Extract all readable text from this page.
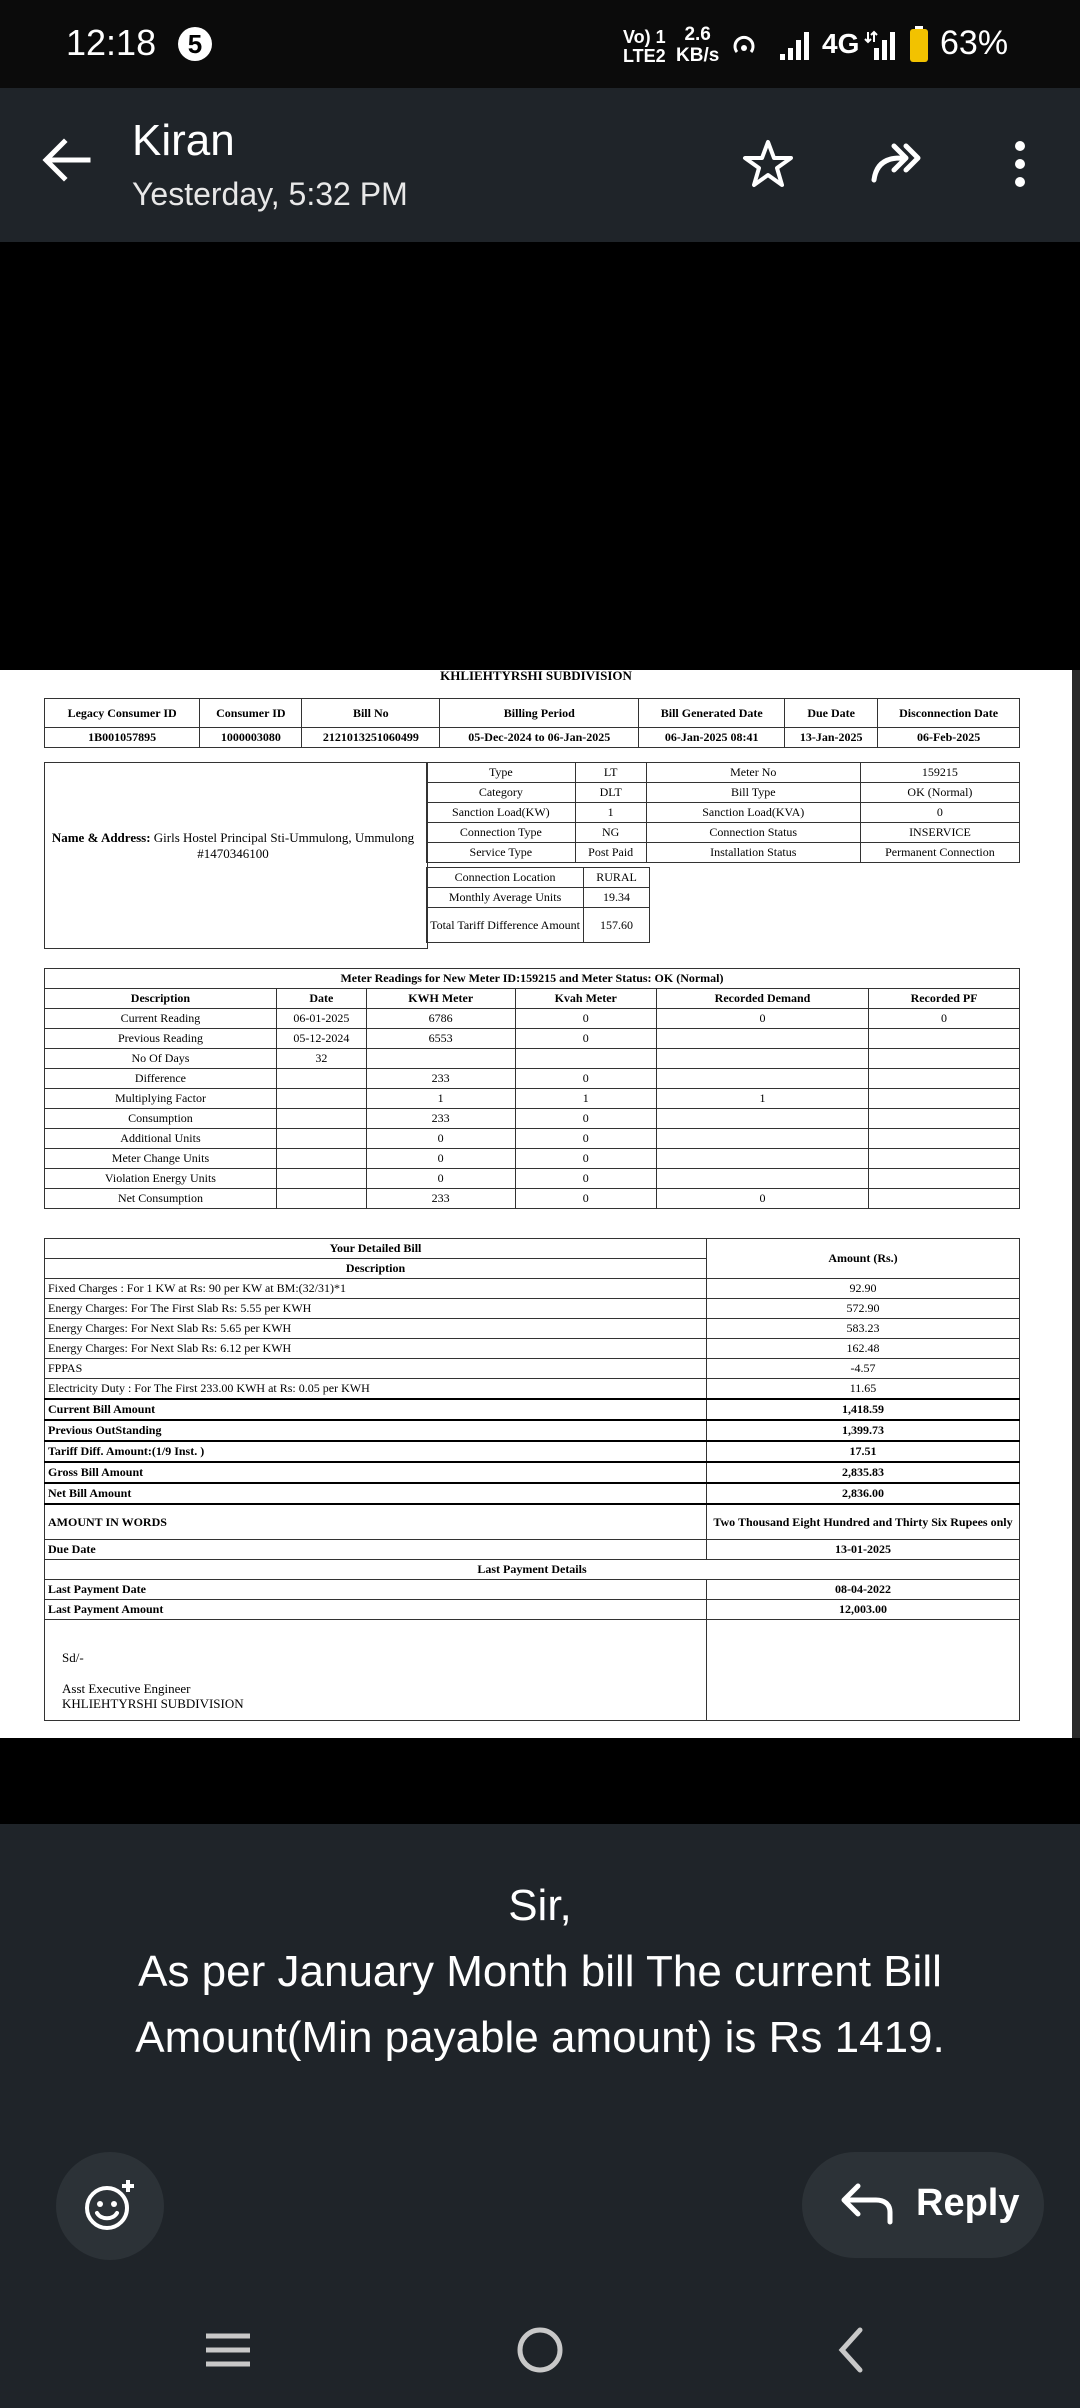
12:18	5	Vo) 1
LTE2
2.6
KB/s	4G 63%
Kiran
Yesterday, 5:32 PM
KHLIEHTYRSHI SUBDIVISION
Legacy Consumer ID	Consumer ID	Bill No	Billing Period	Bill Generated Date	Due Date	Disconnection Date
1B001057895	1000003080	2121013251060499	05-Dec-2024 to 06-Jan-2025	06-Jan-2025 08:41	13-Jan-2025	06-Feb-2025
Name & Address: Girls Hostel Principal Sti-Ummulong, Ummulong #1470346100
Type	LT	Meter No	159215
Category	DLT	Bill Type	OK (Normal)
Sanction Load(KW)	1	Sanction Load(KVA)	0
Connection Type	NG	Connection Status	INSERVICE
Service Type	Post Paid	Installation Status	Permanent Connection
Connection Location	RURAL
Monthly Average Units	19.34
Total Tariff Difference Amount	157.60
Meter Readings for New Meter ID:159215 and Meter Status: OK (Normal)					
Description	Date	KWH Meter	Kvah Meter	Recorded Demand	Recorded PF
Current Reading	06-01-2025	6786	0	0	0
Previous Reading	05-12-2024	6553	0		
No Of Days	32				
Difference		233	0		
Multiplying Factor		1	1	1	
Consumption		233	0		
Additional Units		0	0		
Meter Change Units		0	0		
Violation Energy Units		0	0		
Net Consumption		233	0	0	
Your Detailed Bill	Amount (Rs.)
Description	
Fixed Charges : For 1 KW at Rs: 90 per KW at BM:(32/31)*1	92.90
Energy Charges: For The First Slab Rs: 5.55 per KWH	572.90
Energy Charges: For Next Slab Rs: 5.65 per KWH	583.23
Energy Charges: For Next Slab Rs: 6.12 per KWH	162.48
FPPAS	-4.57
Electricity Duty : For The First 233.00 KWH at Rs: 0.05 per KWH	11.65
Current Bill Amount	1,418.59
Previous OutStanding	1,399.73
Tariff Diff. Amount:(1/9 Inst. )	17.51
Gross Bill Amount	2,835.83
Net Bill Amount	2,836.00
AMOUNT IN WORDS	Two Thousand Eight Hundred and Thirty Six Rupees only
Due Date	13-01-2025
Last Payment Details	
Last Payment Date	08-04-2022
Last Payment Amount	12,003.00

Sd/-
Asst Executive Engineer
KHLIEHTYRSHI SUBDIVISION
Sir,
As per January Month bill The current Bill Amount(Min payable amount) is Rs 1419.
Reply
